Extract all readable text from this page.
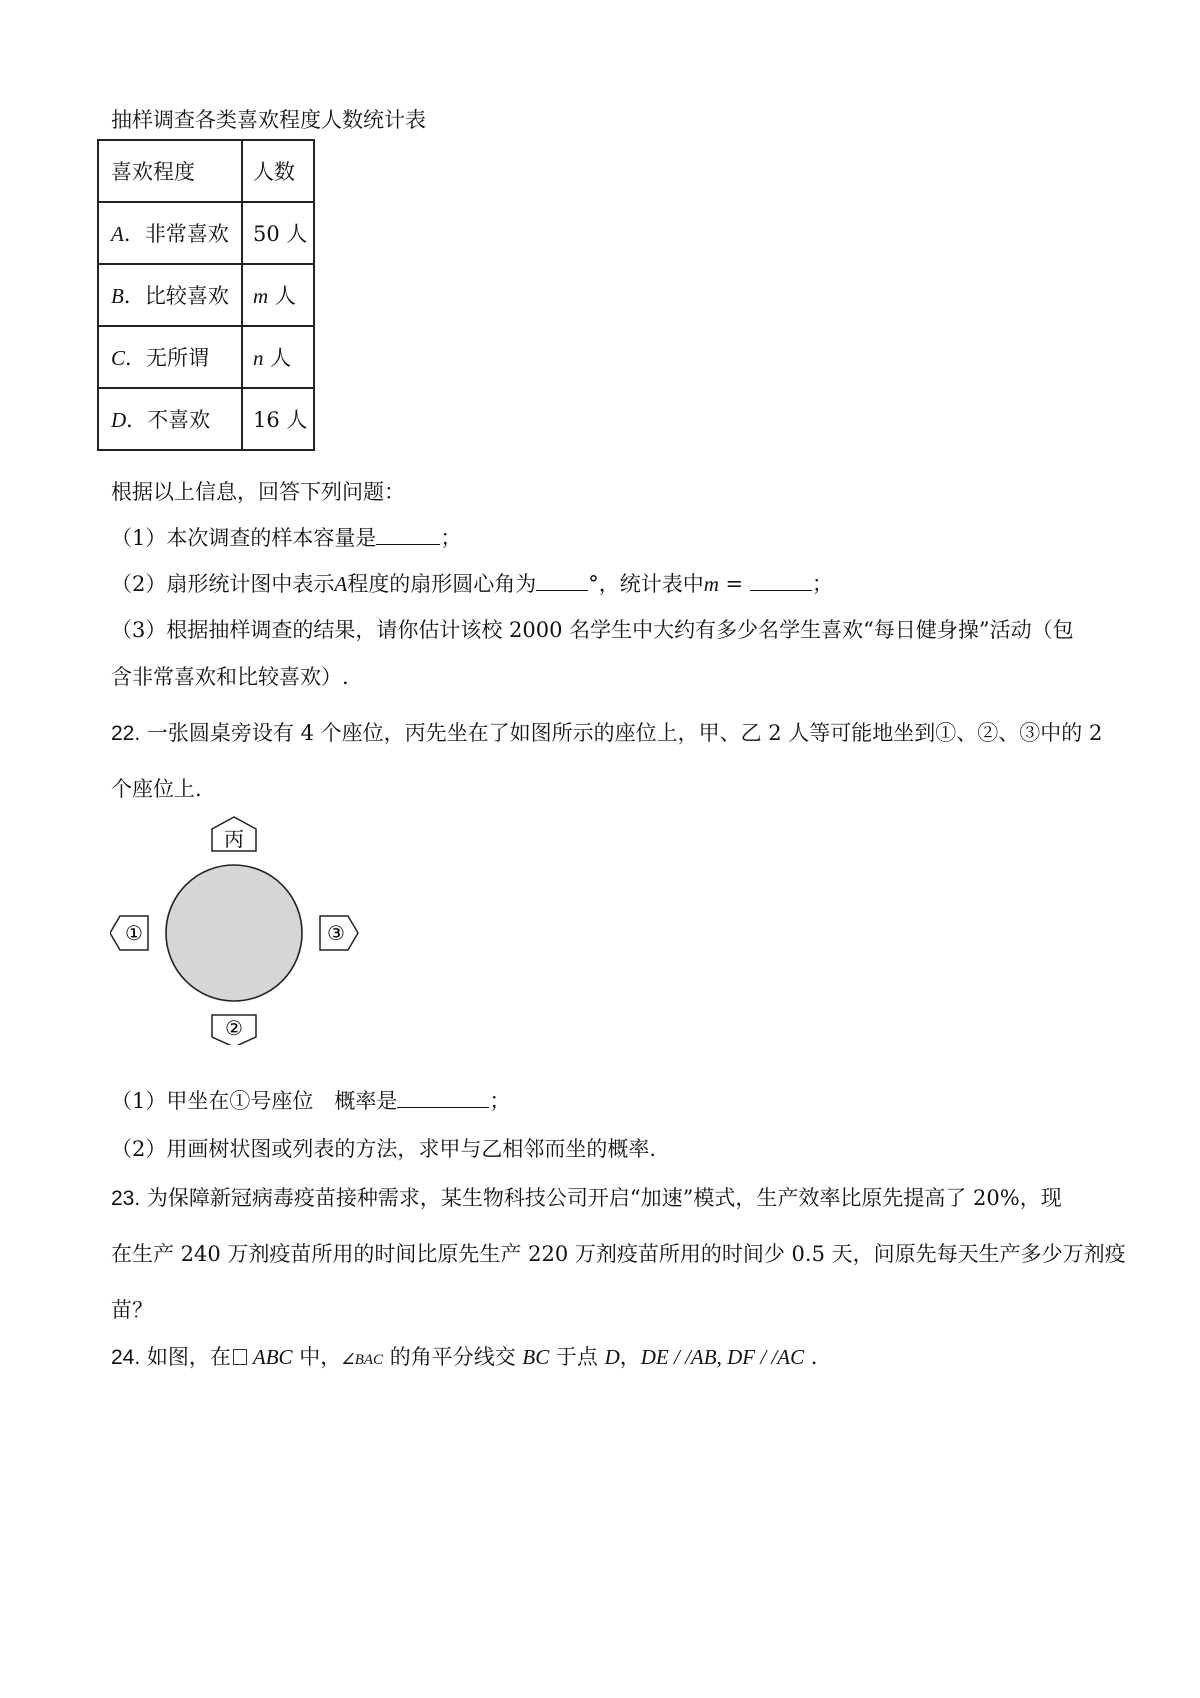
抽样调查各类喜欢程度人数统计表
喜欢程度	人数
A．非常喜欢	50 人
B．比较喜欢	m 人
C．无所谓	n 人
D．不喜欢	16 人
根据以上信息，回答下列问题：
（1）本次调查的样本容量是	；
（2）扇形统计图中表示A程度的扇形圆心角为 °，统计表中m =	；
（3）根据抽样调查的结果，请你估计该校 2000 名学生中大约有多少名学生喜欢“每日健身操”活动（包
含非常喜欢和比较喜欢）.
22. 一张圆桌旁设有 4 个座位，丙先坐在了如图所示的座位上，甲、乙 2 人等可能地坐到①、②、③中的 2
个座位上.
丙
①	③
②
（1）甲坐在①号座位　概率是	；
（2）用画树状图或列表的方法，求甲与乙相邻而坐的概率.
23. 为保障新冠病毒疫苗接种需求，某生物科技公司开启“加速”模式，生产效率比原先提高了 20%，现
在生产 240 万剂疫苗所用的时间比原先生产 220 万剂疫苗所用的时间少 0.5 天，问原先每天生产多少万剂疫
苗？
24. 如图，在 ABC 中，∠BAC 的角平分线交 BC 于点 D，DE / /AB, DF / /AC .
